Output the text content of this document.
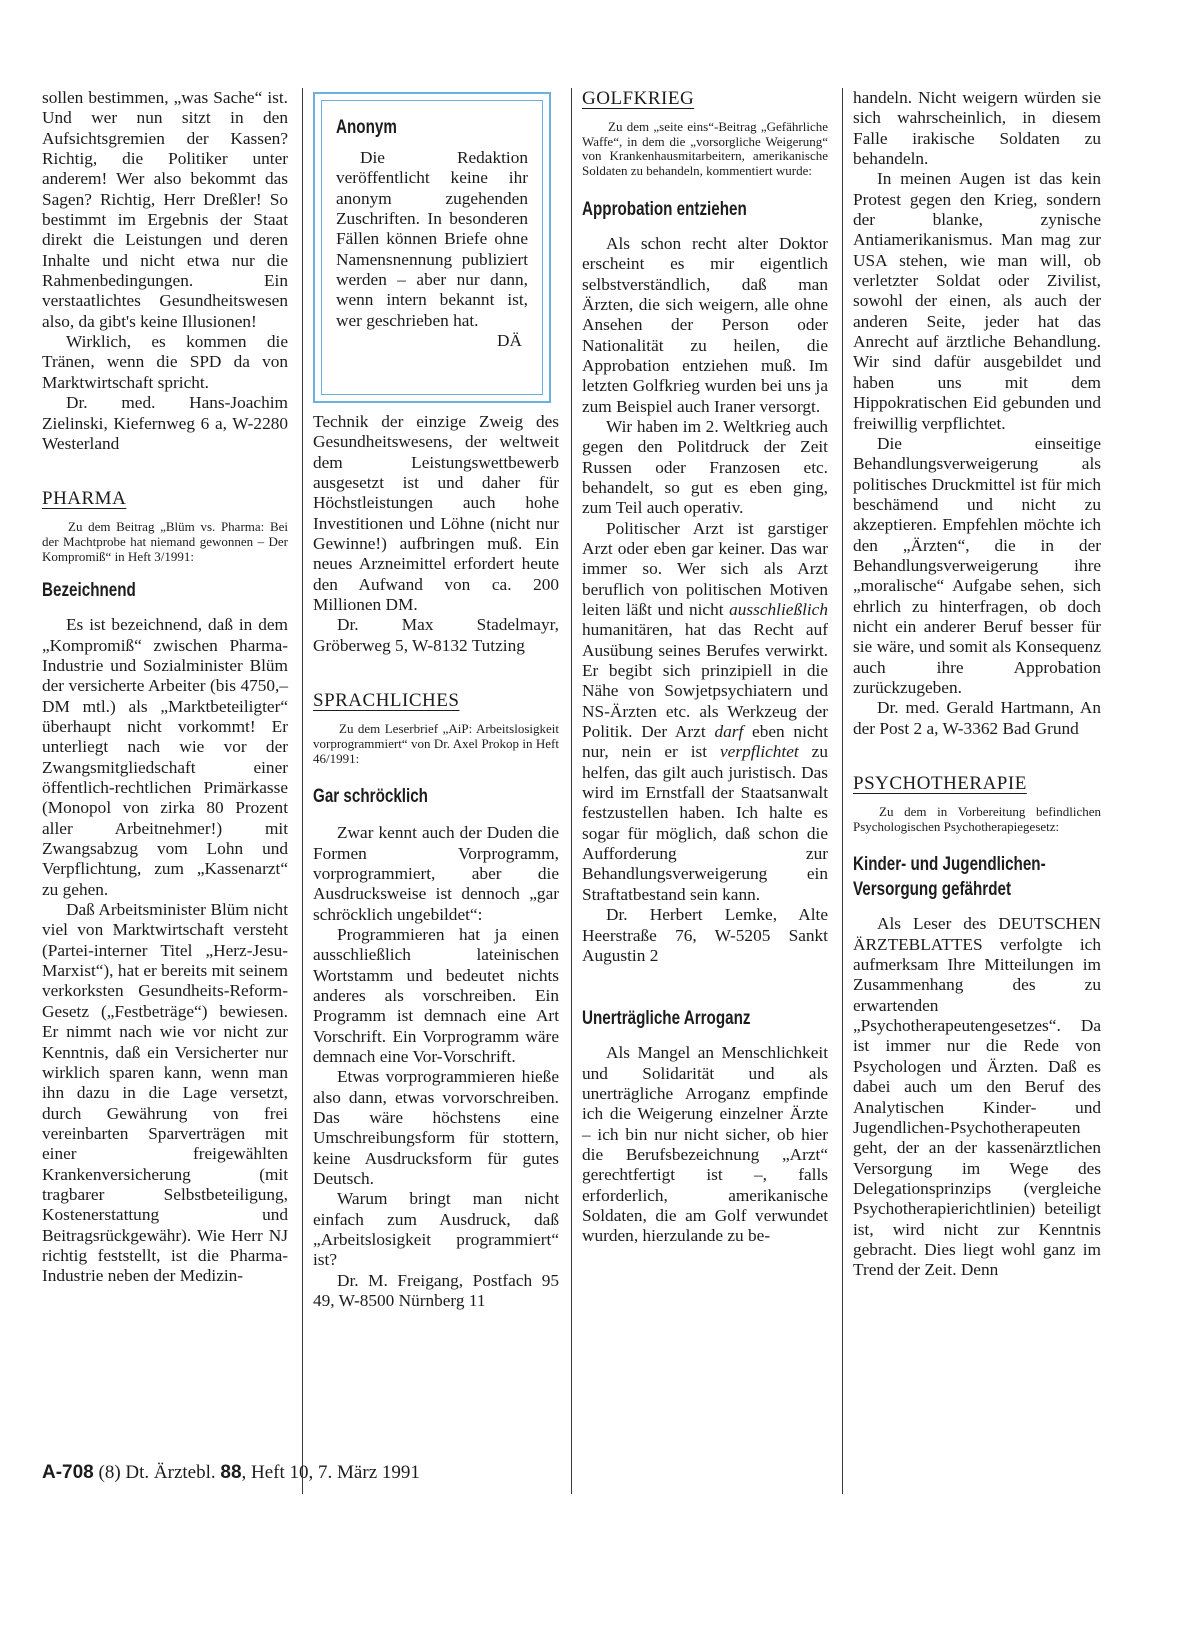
sollen bestimmen, „was Sache“ ist. Und wer nun sitzt in den Aufsichtsgremien der Kassen? Richtig, die Politiker unter anderem! Wer also bekommt das Sagen? Richtig, Herr Dreßler! So bestimmt im Ergebnis der Staat direkt die Leistungen und deren Inhalte und nicht etwa nur die Rahmenbedingungen. Ein verstaatlichtes Gesundheitswesen also, da gibt's keine Illusionen!

Wirklich, es kommen die Tränen, wenn die SPD da von Marktwirtschaft spricht.

Dr. med. Hans-Joachim Zielinski, Kiefernweg 6 a, W-2280 Westerland

PHARMA
Zu dem Beitrag „Blüm vs. Pharma: Bei der Machtprobe hat niemand gewonnen – Der Kompromiß“ in Heft 3/1991:
Bezeichnend

Es ist bezeichnend, daß in dem „Kompromiß“ zwischen Pharma-Industrie und Sozialminister Blüm der versicherte Arbeiter (bis 4750,– DM mtl.) als „Marktbeteiligter“ überhaupt nicht vorkommt! Er unterliegt nach wie vor der Zwangsmitgliedschaft einer öffentlich-rechtlichen Primärkasse (Monopol von zirka 80 Prozent aller Arbeitnehmer!) mit Zwangsabzug vom Lohn und Verpflichtung, zum „Kassenarzt“ zu gehen.

Daß Arbeitsminister Blüm nicht viel von Marktwirtschaft versteht (Partei-interner Titel „Herz-Jesu-Marxist“), hat er bereits mit seinem verkorksten Gesundheits-Reform-Gesetz („Festbeträge“) bewiesen. Er nimmt nach wie vor nicht zur Kenntnis, daß ein Versicherter nur wirklich sparen kann, wenn man ihn dazu in die Lage versetzt, durch Gewährung von frei vereinbarten Sparverträgen mit einer freigewählten Krankenversicherung (mit tragbarer Selbstbeteiligung, Kostenerstattung und Beitragsrückgewähr). Wie Herr NJ richtig feststellt, ist die Pharma-Industrie neben der Medizin-

Anonym

Die Redaktion veröffentlicht keine ihr anonym zugehenden Zuschriften. In besonderen Fällen können Briefe ohne Namensnennung publiziert werden – aber nur dann, wenn intern bekannt ist, wer geschrieben hat.

DÄ

Technik der einzige Zweig des Gesundheitswesens, der weltweit dem Leistungswettbewerb ausgesetzt ist und daher für Höchstleistungen auch hohe Investitionen und Löhne (nicht nur Gewinne!) aufbringen muß. Ein neues Arzneimittel erfordert heute den Aufwand von ca. 200 Millionen DM.

Dr. Max Stadelmayr, Gröberweg 5, W-8132 Tutzing

SPRACHLICHES
Zu dem Leserbrief „AiP: Arbeitslosigkeit vorprogrammiert“ von Dr. Axel Prokop in Heft 46/1991:
Gar schröcklich

Zwar kennt auch der Duden die Formen Vorprogramm, vorprogrammiert, aber die Ausdrucksweise ist dennoch „gar schröcklich ungebildet“:

Programmieren hat ja einen ausschließlich lateinischen Wortstamm und bedeutet nichts anderes als vorschreiben. Ein Programm ist demnach eine Art Vorschrift. Ein Vorprogramm wäre demnach eine Vor-Vorschrift.

Etwas vorprogrammieren hieße also dann, etwas vorvorschreiben. Das wäre höchstens eine Umschreibungsform für stottern, keine Ausdrucksform für gutes Deutsch.

Warum bringt man nicht einfach zum Ausdruck, daß „Arbeitslosigkeit programmiert“ ist?

Dr. M. Freigang, Postfach 95 49, W-8500 Nürnberg 11

GOLFKRIEG
Zu dem „seite eins“-Beitrag „Gefährliche Waffe“, in dem die „vorsorgliche Weigerung“ von Krankenhausmitarbeitern, amerikanische Soldaten zu behandeln, kommentiert wurde:
Approbation entziehen

Als schon recht alter Doktor erscheint es mir eigentlich selbstverständlich, daß man Ärzten, die sich weigern, alle ohne Ansehen der Person oder Nationalität zu heilen, die Approbation entziehen muß. Im letzten Golfkrieg wurden bei uns ja zum Beispiel auch Iraner versorgt.

Wir haben im 2. Weltkrieg auch gegen den Politdruck der Zeit Russen oder Franzosen etc. behandelt, so gut es eben ging, zum Teil auch operativ.

Politischer Arzt ist garstiger Arzt oder eben gar keiner. Das war immer so. Wer sich als Arzt beruflich von politischen Motiven leiten läßt und nicht ausschließlich humanitären, hat das Recht auf Ausübung seines Berufes verwirkt. Er begibt sich prinzipiell in die Nähe von Sowjetpsychiatern und NS-Ärzten etc. als Werkzeug der Politik. Der Arzt darf eben nicht nur, nein er ist verpflichtet zu helfen, das gilt auch juristisch. Das wird im Ernstfall der Staatsanwalt festzustellen haben. Ich halte es sogar für möglich, daß schon die Aufforderung zur Behandlungsverweigerung ein Straftatbestand sein kann.

Dr. Herbert Lemke, Alte Heerstraße 76, W-5205 Sankt Augustin 2

Unerträgliche Arroganz

Als Mangel an Menschlichkeit und Solidarität und als unerträgliche Arroganz empfinde ich die Weigerung einzelner Ärzte – ich bin nur nicht sicher, ob hier die Berufsbezeichnung „Arzt“ gerechtfertigt ist –, falls erforderlich, amerikanische Soldaten, die am Golf verwundet wurden, hierzulande zu be-

handeln. Nicht weigern würden sie sich wahrscheinlich, in diesem Falle irakische Soldaten zu behandeln.

In meinen Augen ist das kein Protest gegen den Krieg, sondern der blanke, zynische Antiamerikanismus. Man mag zur USA stehen, wie man will, ob verletzter Soldat oder Zivilist, sowohl der einen, als auch der anderen Seite, jeder hat das Anrecht auf ärztliche Behandlung. Wir sind dafür ausgebildet und haben uns mit dem Hippokratischen Eid gebunden und freiwillig verpflichtet.

Die einseitige Behandlungsverweigerung als politisches Druckmittel ist für mich beschämend und nicht zu akzeptieren. Empfehlen möchte ich den „Ärzten“, die in der Behandlungsverweigerung ihre „moralische“ Aufgabe sehen, sich ehrlich zu hinterfragen, ob doch nicht ein anderer Beruf besser für sie wäre, und somit als Konsequenz auch ihre Approbation zurückzugeben.

Dr. med. Gerald Hartmann, An der Post 2 a, W-3362 Bad Grund

PSYCHOTHERAPIE
Zu dem in Vorbereitung befindlichen Psychologischen Psychotherapiegesetz:
Kinder- und Jugendlichen-
Versorgung gefährdet

Als Leser des DEUTSCHEN ÄRZTEBLATTES verfolgte ich aufmerksam Ihre Mitteilungen im Zusammenhang des zu erwartenden „Psychotherapeutengesetzes“. Da ist immer nur die Rede von Psychologen und Ärzten. Daß es dabei auch um den Beruf des Analytischen Kinder- und Jugendlichen-Psychotherapeuten geht, der an der kassenärztlichen Versorgung im Wege des Delegationsprinzips (vergleiche Psychotherapierichtlinien) beteiligt ist, wird nicht zur Kenntnis gebracht. Dies liegt wohl ganz im Trend der Zeit. Denn

A-708 (8) Dt. Ärztebl. 88, Heft 10, 7. März 1991
